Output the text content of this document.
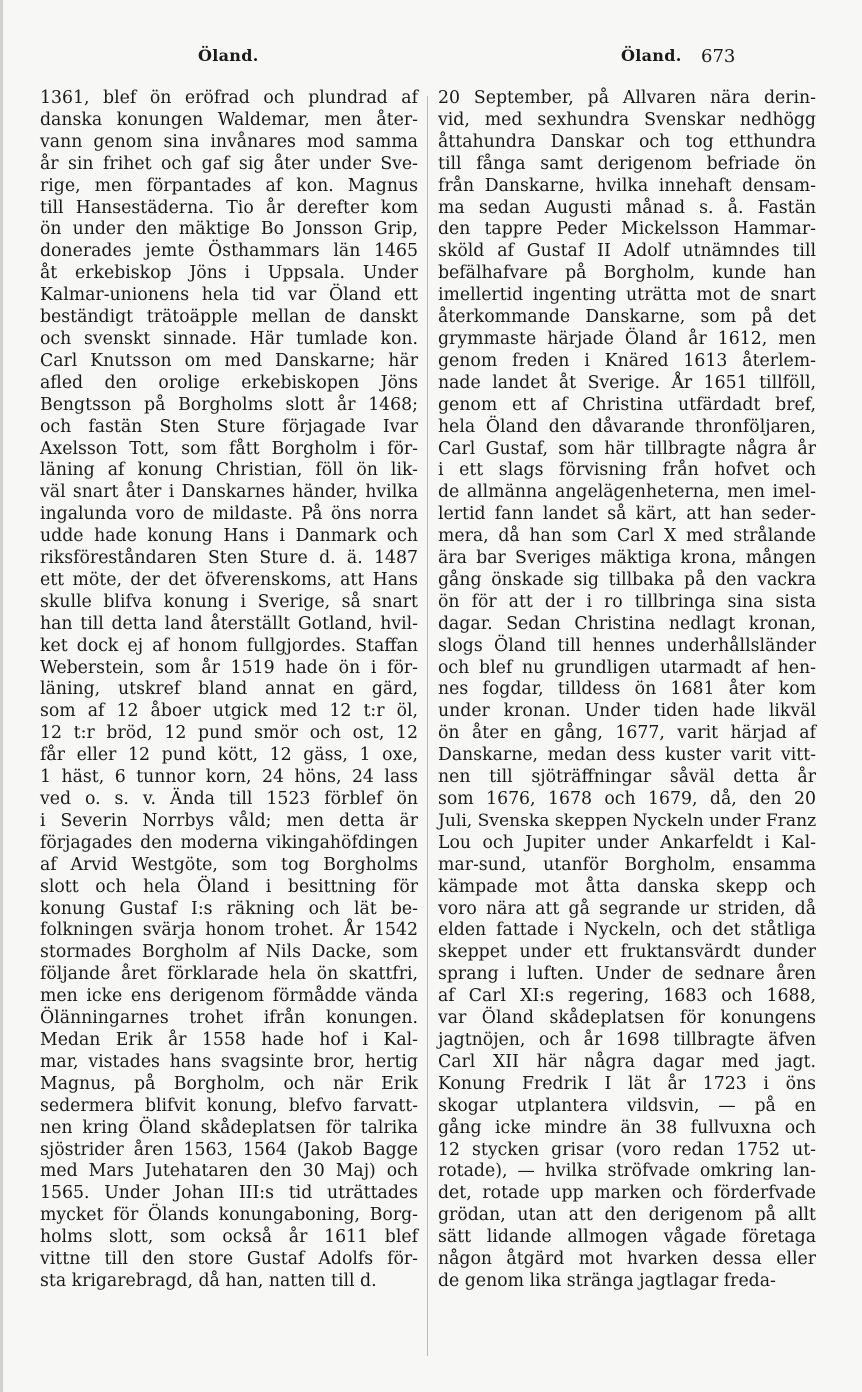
Öland.	Öland. 673
1361, blef ön eröfrad och plundrad af
danska konungen Waldemar, men åter-
vann genom sina invånares mod samma
år sin frihet och gaf sig åter under Sve-
rige, men förpantades af kon. Magnus
till Hansestäderna. Tio år derefter kom
ön under den mäktige Bo Jonsson Grip,
donerades jemte Östhammars län 1465
åt erkebiskop Jöns i Uppsala. Under
Kalmar-unionens hela tid var Öland ett
beständigt trätoäpple mellan de danskt
och svenskt sinnade. Här tumlade kon.
Carl Knutsson om med Danskarne; här
afled den orolige erkebiskopen Jöns
Bengtsson på Borgholms slott år 1468;
och fastän Sten Sture förjagade Ivar
Axelsson Tott, som fått Borgholm i för-
läning af konung Christian, föll ön lik-
väl snart åter i Danskarnes händer, hvilka
ingalunda voro de mildaste. På öns norra
udde hade konung Hans i Danmark och
riksföreståndaren Sten Sture d. ä. 1487
ett möte, der det öfverenskoms, att Hans
skulle blifva konung i Sverige, så snart
han till detta land återställt Gotland, hvil-
ket dock ej af honom fullgjordes. Staffan
Weberstein, som år 1519 hade ön i för-
läning, utskref bland annat en gärd,
som af 12 åboer utgick med 12 t:r öl,
12 t:r bröd, 12 pund smör och ost, 12
får eller 12 pund kött, 12 gäss, 1 oxe,
1 häst, 6 tunnor korn, 24 höns, 24 lass
ved o. s. v. Ända till 1523 förblef ön
i Severin Norrbys våld; men detta är
förjagades den moderna vikingahöfdingen
af Arvid Westgöte, som tog Borgholms
slott och hela Öland i besittning för
konung Gustaf I:s räkning och lät be-
folkningen svärja honom trohet. År 1542
stormades Borgholm af Nils Dacke, som
följande året förklarade hela ön skattfri,
men icke ens derigenom förmådde vända
Ölänningarnes trohet ifrån konungen.
Medan Erik år 1558 hade hof i Kal-
mar, vistades hans svagsinte bror, hertig
Magnus, på Borgholm, och när Erik
sedermera blifvit konung, blefvo farvatt-
nen kring Öland skådeplatsen för talrika
sjöstrider åren 1563, 1564 (Jakob Bagge
med Mars Jutehataren den 30 Maj) och
1565. Under Johan III:s tid uträttades
mycket för Ölands konungaboning, Borg-
holms slott, som också år 1611 blef
vittne till den store Gustaf Adolfs för-
sta krigarebragd, då han, natten till d.
20 September, på Allvaren nära derin-
vid, med sexhundra Svenskar nedhögg
åttahundra Danskar och tog etthundra
till fånga samt derigenom befriade ön
från Danskarne, hvilka innehaft densam-
ma sedan Augusti månad s. å. Fastän
den tappre Peder Mickelsson Hammar-
sköld af Gustaf II Adolf utnämndes till
befälhafvare på Borgholm, kunde han
imellertid ingenting uträtta mot de snart
återkommande Danskarne, som på det
grymmaste härjade Öland år 1612, men
genom freden i Knäred 1613 återlem-
nade landet åt Sverige. År 1651 tillföll,
genom ett af Christina utfärdadt bref,
hela Öland den dåvarande thronföljaren,
Carl Gustaf, som här tillbragte några år
i ett slags förvisning från hofvet och
de allmänna angelägenheterna, men imel-
lertid fann landet så kärt, att han seder-
mera, då han som Carl X med strålande
ära bar Sveriges mäktiga krona, mången
gång önskade sig tillbaka på den vackra
ön för att der i ro tillbringa sina sista
dagar. Sedan Christina nedlagt kronan,
slogs Öland till hennes underhållsländer
och blef nu grundligen utarmadt af hen-
nes fogdar, tilldess ön 1681 åter kom
under kronan. Under tiden hade likväl
ön åter en gång, 1677, varit härjad af
Danskarne, medan dess kuster varit vitt-
nen till sjöträffningar såväl detta år
som 1676, 1678 och 1679, då, den 20
Juli, Svenska skeppen Nyckeln under Franz
Lou och Jupiter under Ankarfeldt i Kal-
mar-sund, utanför Borgholm, ensamma
kämpade mot åtta danska skepp och
voro nära att gå segrande ur striden, då
elden fattade i Nyckeln, och det ståtliga
skeppet under ett fruktansvärdt dunder
sprang i luften. Under de sednare åren
af Carl XI:s regering, 1683 och 1688,
var Öland skådeplatsen för konungens
jagtnöjen, och år 1698 tillbragte äfven
Carl XII här några dagar med jagt.
Konung Fredrik I lät år 1723 i öns
skogar utplantera vildsvin, — på en
gång icke mindre än 38 fullvuxna och
12 stycken grisar (voro redan 1752 ut-
rotade), — hvilka ströfvade omkring lan-
det, rotade upp marken och förderfvade
grödan, utan att den derigenom på allt
sätt lidande allmogen vågade företaga
någon åtgärd mot hvarken dessa eller
de genom lika stränga jagtlagar freda-
